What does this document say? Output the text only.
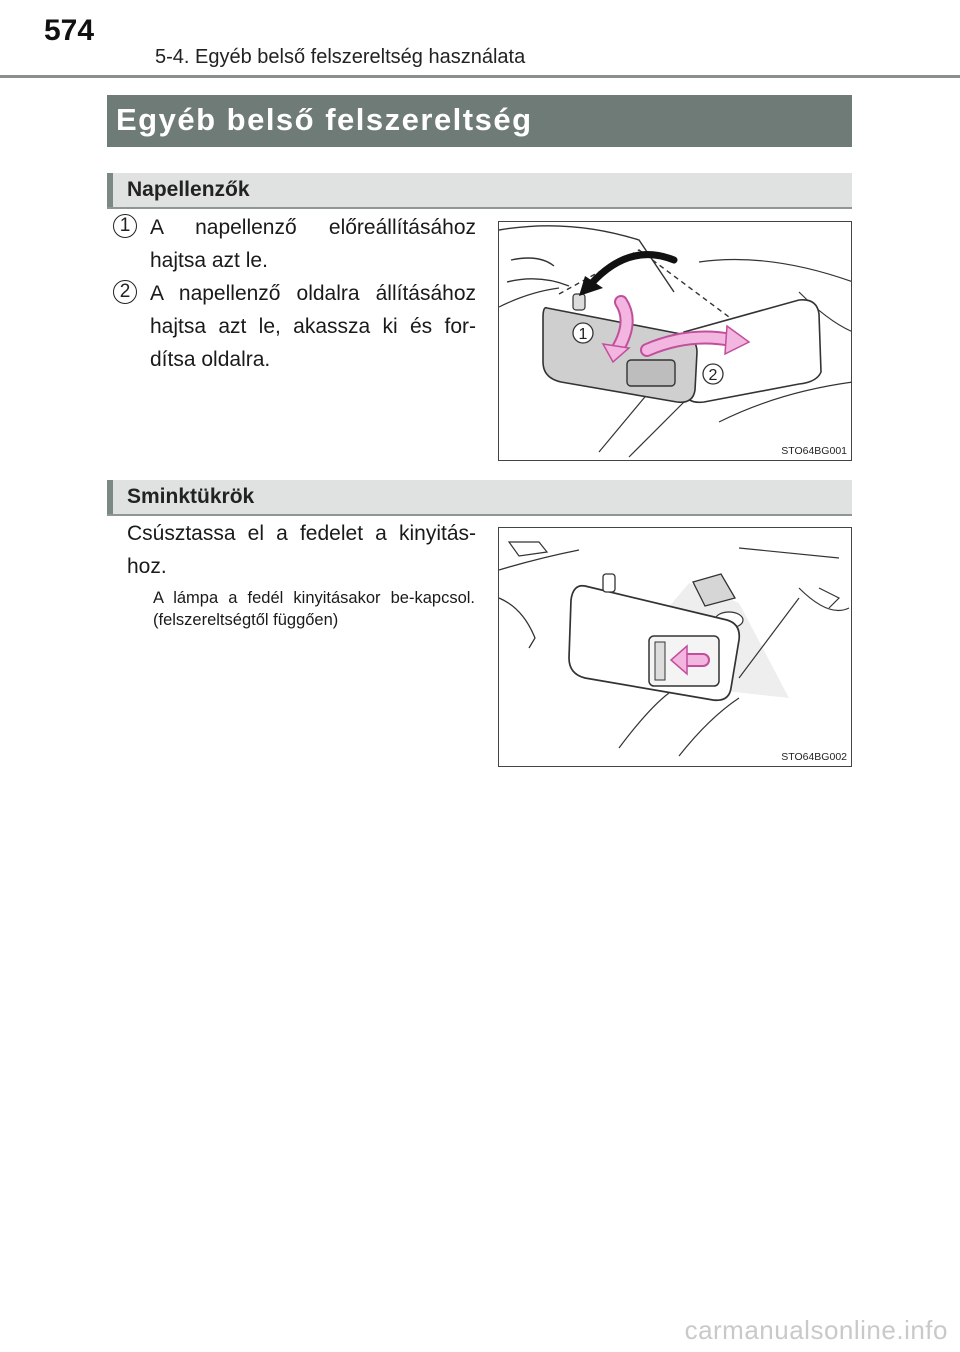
574
5-4. Egyéb belső felszereltség használata
Egyéb belső felszereltség
Napellenzők
1 A napellenző előreállításához hajtsa azt le.
2 A napellenző oldalra állításához hajtsa azt le, akassza ki és for-dítsa oldalra.
1
2
STO64BG001
Sminktükrök
Csúsztassa el a fedelet a kinyitás-hoz.
A lámpa a fedél kinyitásakor be-kapcsol. (felszereltségtől függően)
STO64BG002
carmanualsonline.info
